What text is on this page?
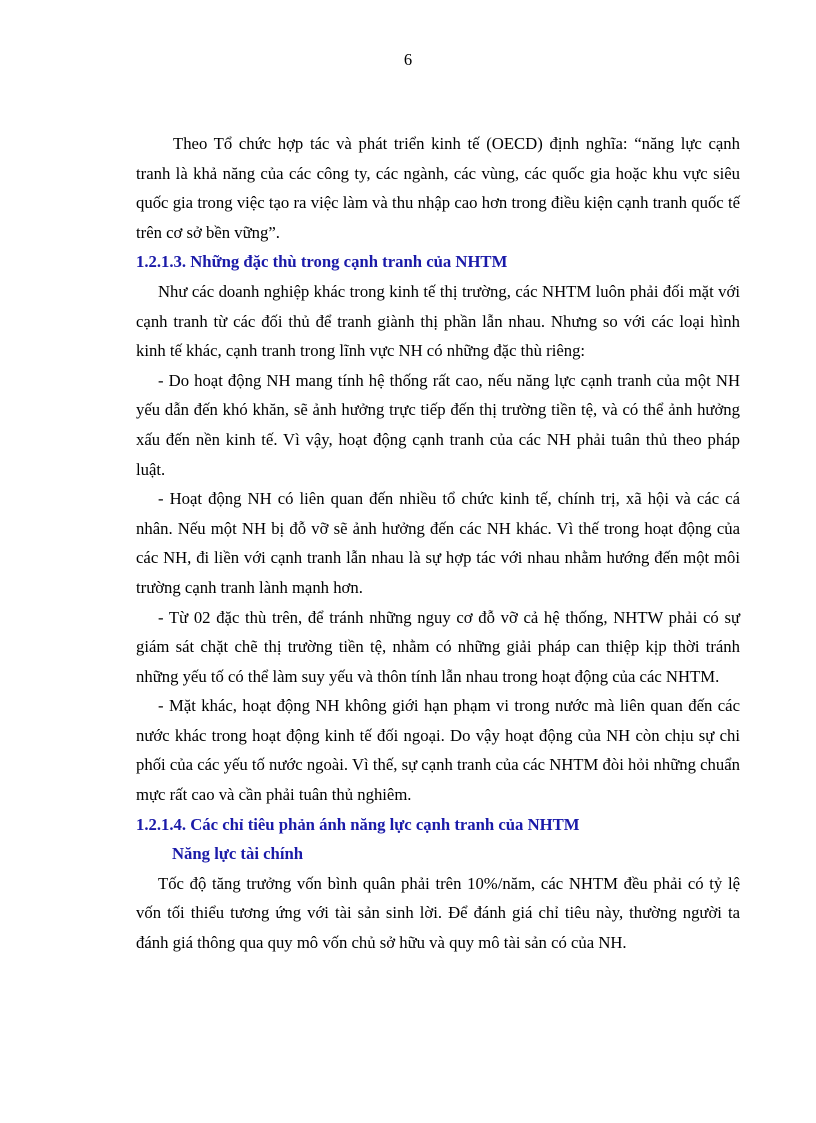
6

Theo Tổ chức hợp tác và phát triển kinh tế (OECD) định nghĩa: “năng lực cạnh tranh là khả năng của các công ty, các ngành, các vùng, các quốc gia hoặc khu vực siêu quốc gia trong việc tạo ra việc làm và thu nhập cao hơn trong điều kiện cạnh tranh quốc tế trên cơ sở bền vững”.

1.2.1.3. Những đặc thù trong cạnh tranh của NHTM

Như các doanh nghiệp khác trong kinh tế thị trường, các NHTM luôn phải đối mặt với cạnh tranh từ các đối thủ để tranh giành thị phần lẫn nhau. Nhưng so với các loại hình kinh tế khác, cạnh tranh trong lĩnh vực NH có những đặc thù riêng:

- Do hoạt động NH mang tính hệ thống rất cao, nếu năng lực cạnh tranh của một NH yếu dẫn đến khó khăn, sẽ ảnh hưởng trực tiếp đến thị trường tiền tệ, và có thể ảnh hưởng xấu đến nền kinh tế. Vì vậy, hoạt động cạnh tranh của các NH phải tuân thủ theo pháp luật.

- Hoạt động NH có liên quan đến nhiều tổ chức kinh tế, chính trị, xã hội và các cá nhân. Nếu một NH bị đỗ vỡ sẽ ảnh hưởng đến các NH khác. Vì thế trong hoạt động của các NH, đi liền với cạnh tranh lẫn nhau là sự hợp tác với nhau nhằm hướng đến một môi trường cạnh tranh lành mạnh hơn.

- Từ 02 đặc thù trên, để tránh những nguy cơ đỗ vỡ cả hệ thống, NHTW phải có sự giám sát chặt chẽ thị trường tiền tệ, nhằm có những giải pháp can thiệp kịp thời tránh những yếu tố có thể làm suy yếu và thôn tính lẫn nhau trong hoạt động của các NHTM.

- Mặt khác, hoạt động NH không giới hạn phạm vi trong nước mà liên quan đến các nước khác trong hoạt động kinh tế đối ngoại. Do vậy hoạt động của NH còn chịu sự chi phối của các yếu tố nước ngoài. Vì thế, sự cạnh tranh của các NHTM đòi hỏi những chuẩn mực rất cao và cần phải tuân thủ nghiêm.

1.2.1.4. Các chỉ tiêu phản ánh năng lực cạnh tranh của NHTM
Năng lực tài chính

Tốc độ tăng trưởng vốn bình quân phải trên 10%/năm, các NHTM đều phải có tỷ lệ vốn tối thiểu tương ứng với tài sản sinh lời. Để đánh giá chỉ tiêu này, thường người ta đánh giá thông qua quy mô vốn chủ sở hữu và quy mô tài sản có của NH.
